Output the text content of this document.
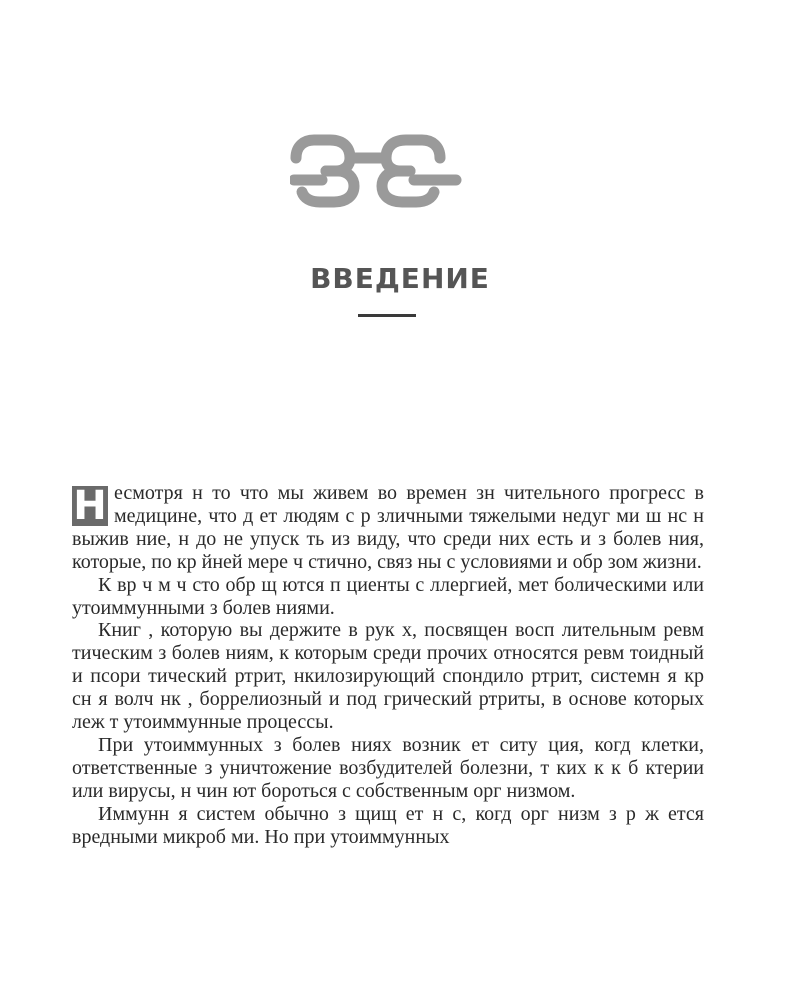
ВВЕДЕНИЕ

Н есмотря н то что мы живем во времен зн чительного прогресс в медицине, что д ет людям с р зличными тяжелыми недуг ми ш нс н выжив ние, н до не упуск ть из виду, что среди них есть и з болев ния, которые, по кр йней мере ч стично, связ ны с условиями и обр зом жизни.

К вр ч м ч сто обр щ ются п циенты с ллергией, мет болическими или утоиммунными з болев ниями.

Книг , которую вы держите в рук х, посвящен восп лительным ревм тическим з болев ниям, к которым среди прочих относятся ревм тоидный и псори тический ртрит, нкилозирующий спондило ртрит, системн я кр сн я волч нк , боррелиозный и под грический ртриты, в основе которых леж т утоиммунные процессы.

При утоиммунных з болев ниях возник ет ситу ция, когд клетки, ответственные з уничтожение возбудителей болезни, т ких к к б ктерии или вирусы, н чин ют бороться с собственным орг низмом.

Иммунн я систем обычно з щищ ет н с, когд орг низм з р ж ется вредными микроб ми. Но при утоиммунных
